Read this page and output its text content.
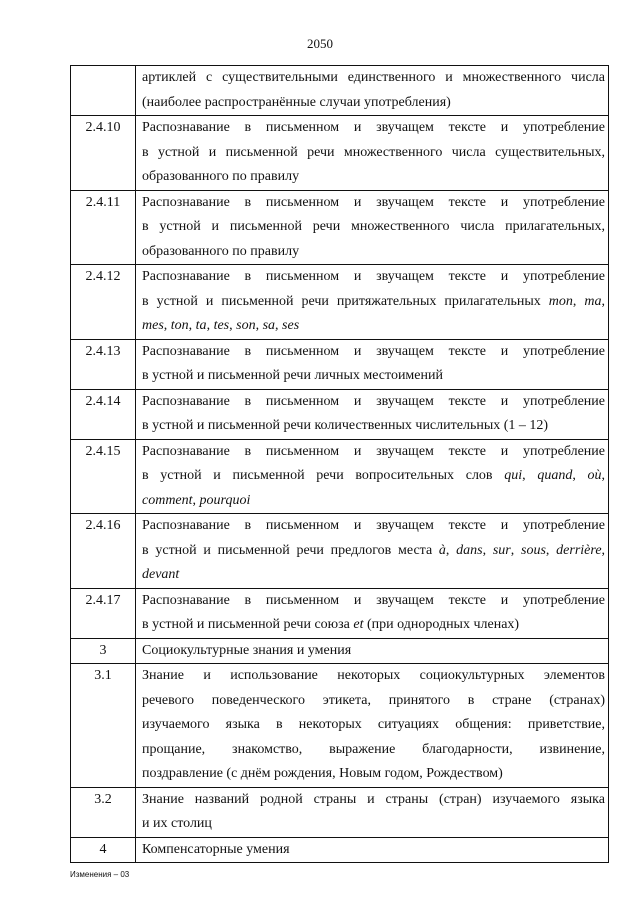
2050

	артиклей с существительными единственного и множественного числа
(наиболее распространённые случаи употребления)

2.4.10	Распознавание в письменном и звучащем тексте и употребление
в устной и письменной речи множественного числа существительных,
образованного по правилу

2.4.11	Распознавание в письменном и звучащем тексте и употребление
в устной и письменной речи множественного числа прилагательных,
образованного по правилу

2.4.12	Распознавание в письменном и звучащем тексте и употребление
в устной и письменной речи притяжательных прилагательных mon, ma,
mes, ton, ta, tes, son, sa, ses

2.4.13	Распознавание в письменном и звучащем тексте и употребление
в устной и письменной речи личных местоимений

2.4.14	Распознавание в письменном и звучащем тексте и употребление
в устной и письменной речи количественных числительных (1 – 12)

2.4.15	Распознавание в письменном и звучащем тексте и употребление
в устной и письменной речи вопросительных слов qui, quand, où,
comment, pourquoi

2.4.16	Распознавание в письменном и звучащем тексте и употребление
в устной и письменной речи предлогов места à, dans, sur, sous, derrière,
devant

2.4.17	Распознавание в письменном и звучащем тексте и употребление
в устной и письменной речи союза et (при однородных членах)

3	Социокультурные знания и умения

3.1	Знание и использование некоторых социокультурных элементов
речевого поведенческого этикета, принятого в стране (странах)
изучаемого языка в некоторых ситуациях общения: приветствие,
прощание, знакомство, выражение благодарности, извинение,
поздравление (с днём рождения, Новым годом, Рождеством)

3.2	Знание названий родной страны и страны (стран) изучаемого языка
и их столиц

4	Компенсаторные умения
Изменения – 03
